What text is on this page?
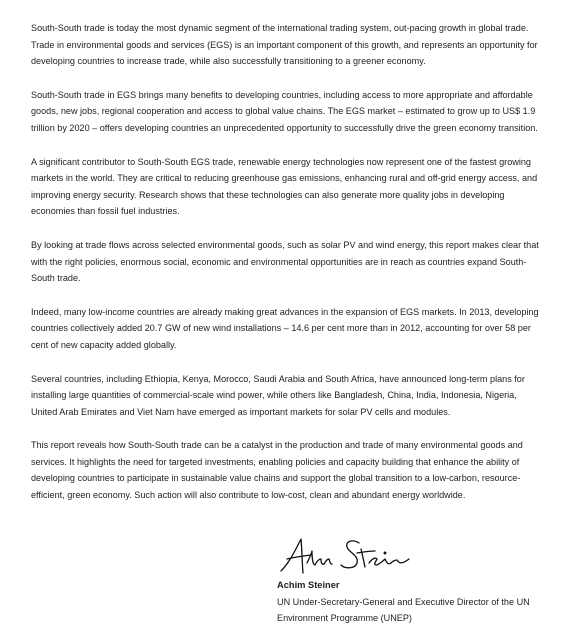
South-South trade is today the most dynamic segment of the international trading system, out-pacing growth in global trade. Trade in environmental goods and services (EGS) is an important component of this growth, and represents an opportunity for developing countries to increase trade, while also successfully transitioning to a greener economy.

South-South trade in EGS brings many benefits to developing countries, including access to more appropriate and affordable goods, new jobs, regional cooperation and access to global value chains. The EGS market – estimated to grow up to US$ 1.9 trillion by 2020 – offers developing countries an unprecedented opportunity to successfully drive the green economy transition.

A significant contributor to South-South EGS trade, renewable energy technologies now represent one of the fastest growing markets in the world. They are critical to reducing greenhouse gas emissions, enhancing rural and off-grid energy access, and improving energy security. Research shows that these technologies can also generate more quality jobs in developing economies than fossil fuel industries.

By looking at trade flows across selected environmental goods, such as solar PV and wind energy, this report makes clear that with the right policies, enormous social, economic and environmental opportunities are in reach as countries expand South-South trade.

Indeed, many low-income countries are already making great advances in the expansion of EGS markets. In 2013, developing countries collectively added 20.7 GW of new wind installations – 14.6 per cent more than in 2012, accounting for over 58 per cent of new capacity added globally.

Several countries, including Ethiopia, Kenya, Morocco, Saudi Arabia and South Africa, have announced long-term plans for installing large quantities of commercial-scale wind power, while others like Bangladesh, China, India, Indonesia, Nigeria, United Arab Emirates and Viet Nam have emerged as important markets for solar PV cells and modules.

This report reveals how South-South trade can be a catalyst in the production and trade of many environmental goods and services. It highlights the need for targeted investments, enabling policies and capacity building that enhance the ability of developing countries to participate in sustainable value chains and support the global transition to a low-carbon, resource-efficient, green economy. Such action will also contribute to low-cost, clean and abundant energy worldwide.

Achim Steiner
UN Under-Secretary-General and Executive Director of the UN
Environment Programme (UNEP)
